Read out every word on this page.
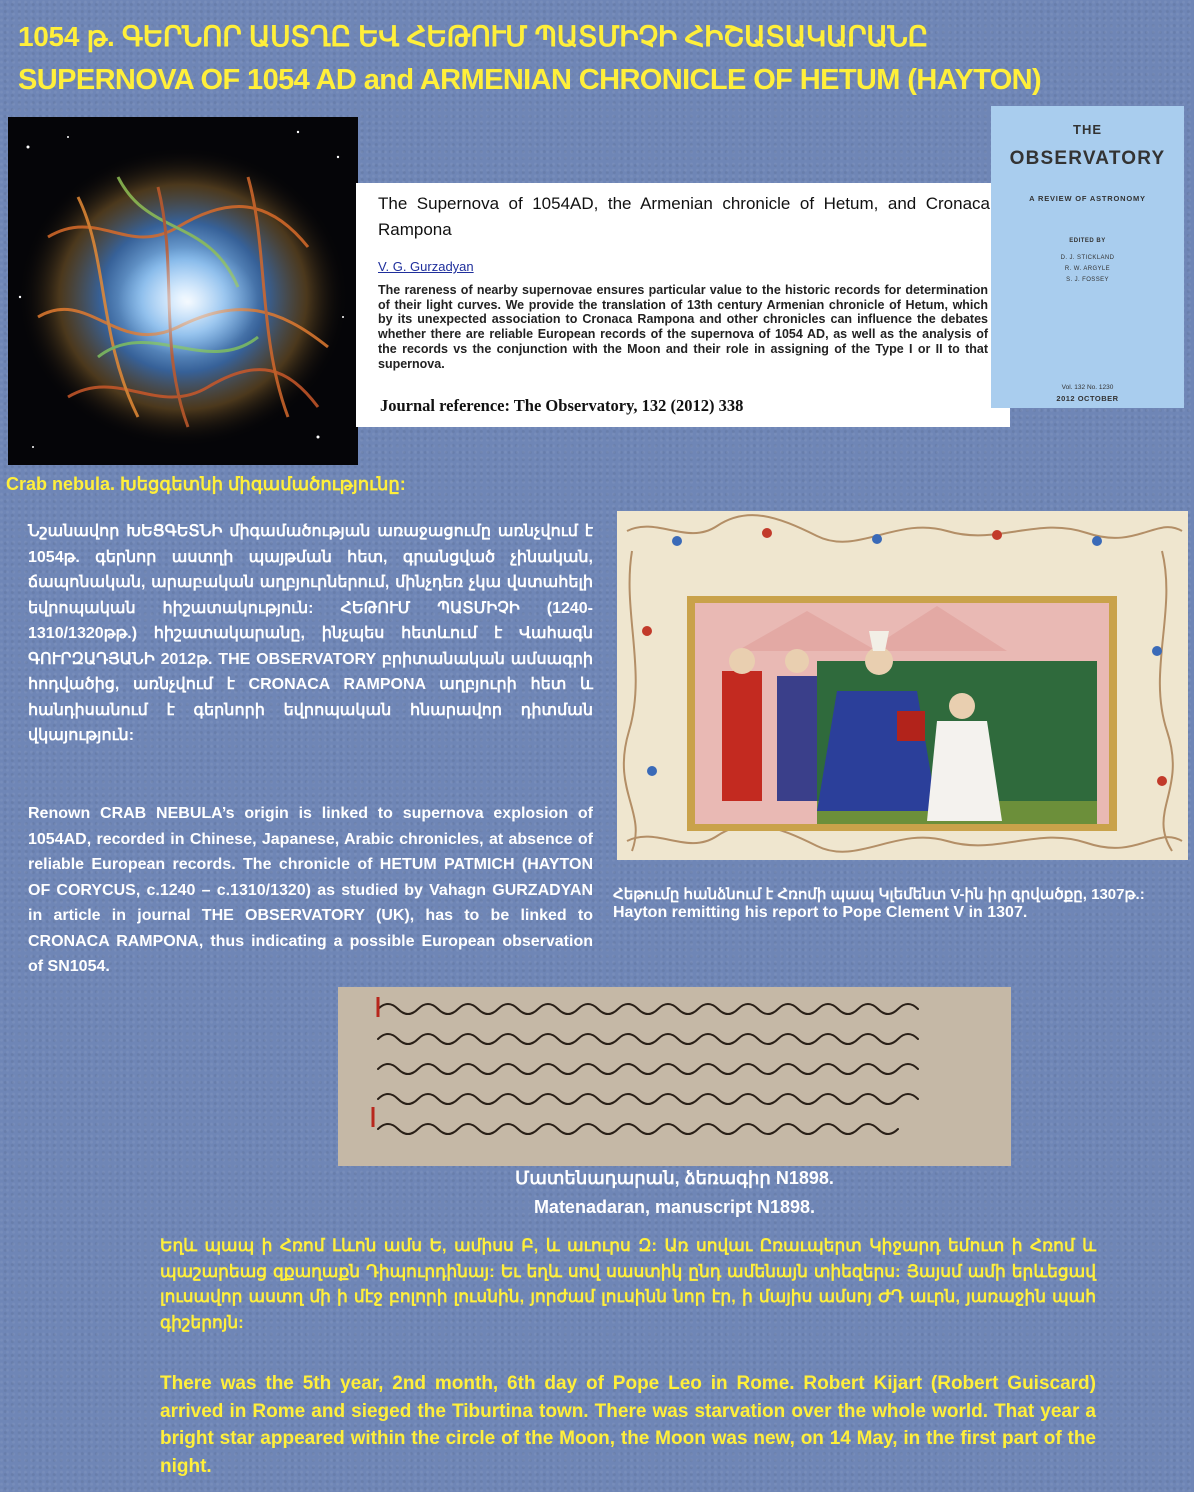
1054 թ. ԳԵՐՆՈՐ ԱՍՏՂԸ ԵՎ ՀԵԹՈՒՄ ՊԱՏՄԻՉԻ ՀԻՇԱՏԱԿԱՐԱՆԸ
SUPERNOVA OF 1054 AD and ARMENIAN CHRONICLE OF HETUM (HAYTON)
The Supernova of 1054AD, the Armenian chronicle of Hetum, and Cronaca Rampona
V. G. Gurzadyan
The rareness of nearby supernovae ensures particular value to the historic records for determination of their light curves. We provide the translation of 13th century Armenian chronicle of Hetum, which by its unexpected association to Cronaca Rampona and other chronicles can influence the debates whether there are reliable European records of the supernova of 1054 AD, as well as the analysis of the records vs the conjunction with the Moon and their role in assigning of the Type I or II to that supernova.
Journal reference: The Observatory, 132 (2012) 338
THE
OBSERVATORY
A REVIEW OF ASTRONOMY
EDITED BY
D. J. STICKLAND
R. W. ARGYLE
S. J. FOSSEY
Vol. 132 No. 1230
2012 OCTOBER
Crab nebula. Խեցգետնի միգամածությունը:
Նշանավոր ԽԵՑԳԵՏՆԻ միգամածության առաջացումը առնչվում է 1054թ. գերնոր աստղի պայթման հետ, գրանցված չինական, ճապոնական, արաբական աղբյուրներում, մինչդեռ չկա վստահելի եվրոպական հիշատակություն: ՀԵԹՈՒՄ ՊԱՏՄԻՉԻ (1240-1310/1320թթ.) հիշատակարանը, ինչպես հետևում է Վահագն ԳՈՒՐԶԱԴՅԱՆԻ 2012թ. THE OBSERVATORY բրիտանական ամսագրի հոդվածից, առնչվում է CRONACA RAMPONA աղբյուրի հետ և հանդիսանում է գերնորի եվրոպական հնարավոր դիտման վկայություն:
Renown CRAB NEBULA’s origin is linked to supernova explosion of 1054AD, recorded in Chinese, Japanese, Arabic chronicles, at absence of reliable European records. The chronicle of HETUM PATMICH (HAYTON OF CORYCUS, c.1240 – c.1310/1320) as studied by Vahagn GURZADYAN in article in journal THE OBSERVATORY (UK), has to be linked to CRONACA RAMPONA, thus indicating a possible European observation of SN1054.
Հեթումը հանձնում է Հռոմի պապ Կլեմենտ V-ին իր գրվածքը, 1307թ.:
Hayton remitting his report to Pope Clement V in 1307.
Մատենադարան, ձեռագիր N1898.
Matenadaran, manuscript N1898.
Եղև պապ ի Հռոմ Լևոն ամս Ե, ամիսս Բ, և աւուրս Զ: Առ սովաւ Ըռաւպերտ Կիջարդ եմուտ ի Հռոմ և պաշարեաց զքաղաքն Դիպուրդինայ: Եւ եղև սով սաստիկ ընդ ամենայն տիեզերս: Յայսմ ամի երևեցավ լուսավոր աստղ մի ի մէջ բոլորի լուսնին, յորժամ լուսինն նոր էր, ի մայիս ամսոյ ԺԴ աւրն, յառաջին պահ գիշերոյն:
There was the 5th year, 2nd month, 6th day of Pope Leo in Rome. Robert Kijart (Robert Guiscard) arrived in Rome and sieged the Tiburtina town. There was starvation over the whole world. That year a bright star appeared within the circle of the Moon, the Moon was new, on 14 May, in the first part of the night.
